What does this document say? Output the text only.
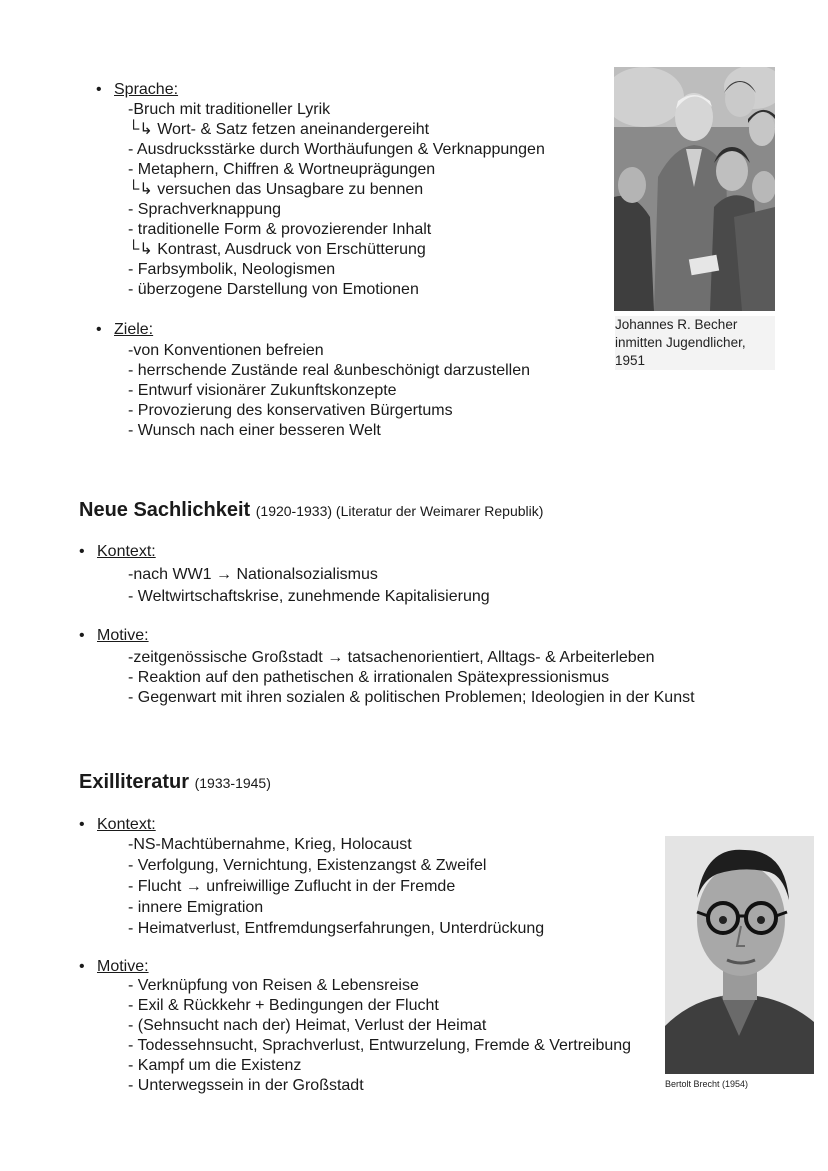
• Sprache:
-Bruch mit traditioneller Lyrik
└↳ Wort- & Satz fetzen aneinandergereiht
- Ausdrucksstärke durch Worthäufungen & Verknappungen
- Metaphern, Chiffren & Wortneuprägungen
└↳ versuchen das Unsagbare zu bennen
- Sprachverknappung
- traditionelle Form & provozierender Inhalt
└↳ Kontrast, Ausdruck von Erschütterung
- Farbsymbolik, Neologismen
- überzogene Darstellung von Emotionen
• Ziele:
-von Konventionen befreien
- herrschende Zustände real &unbeschönigt darzustellen
- Entwurf visionärer Zukunftskonzepte
- Provozierung des konservativen Bürgertums
- Wunsch nach einer besseren Welt
Johannes R. Becher
inmitten Jugendlicher,
1951
Neue Sachlichkeit (1920-1933) (Literatur der Weimarer Republik)
• Kontext:
-nach WW1 → Nationalsozialismus
- Weltwirtschaftskrise, zunehmende Kapitalisierung
• Motive:
-zeitgenössische Großstadt → tatsachenorientiert, Alltags- & Arbeiterleben
- Reaktion auf den pathetischen & irrationalen Spätexpressionismus
- Gegenwart mit ihren sozialen & politischen Problemen; Ideologien in der Kunst
Exilliteratur (1933-1945)
• Kontext:
-NS-Machtübernahme, Krieg, Holocaust
- Verfolgung, Vernichtung, Existenzangst & Zweifel
- Flucht → unfreiwillige Zuflucht in der Fremde
- innere Emigration
- Heimatverlust, Entfremdungserfahrungen, Unterdrückung
• Motive:
- Verknüpfung von Reisen & Lebensreise
- Exil & Rückkehr + Bedingungen der Flucht
- (Sehnsucht nach der) Heimat, Verlust der Heimat
- Todessehnsucht, Sprachverlust, Entwurzelung, Fremde & Vertreibung
- Kampf um die Existenz
- Unterwegssein in der Großstadt	Bertolt Brecht (1954)
